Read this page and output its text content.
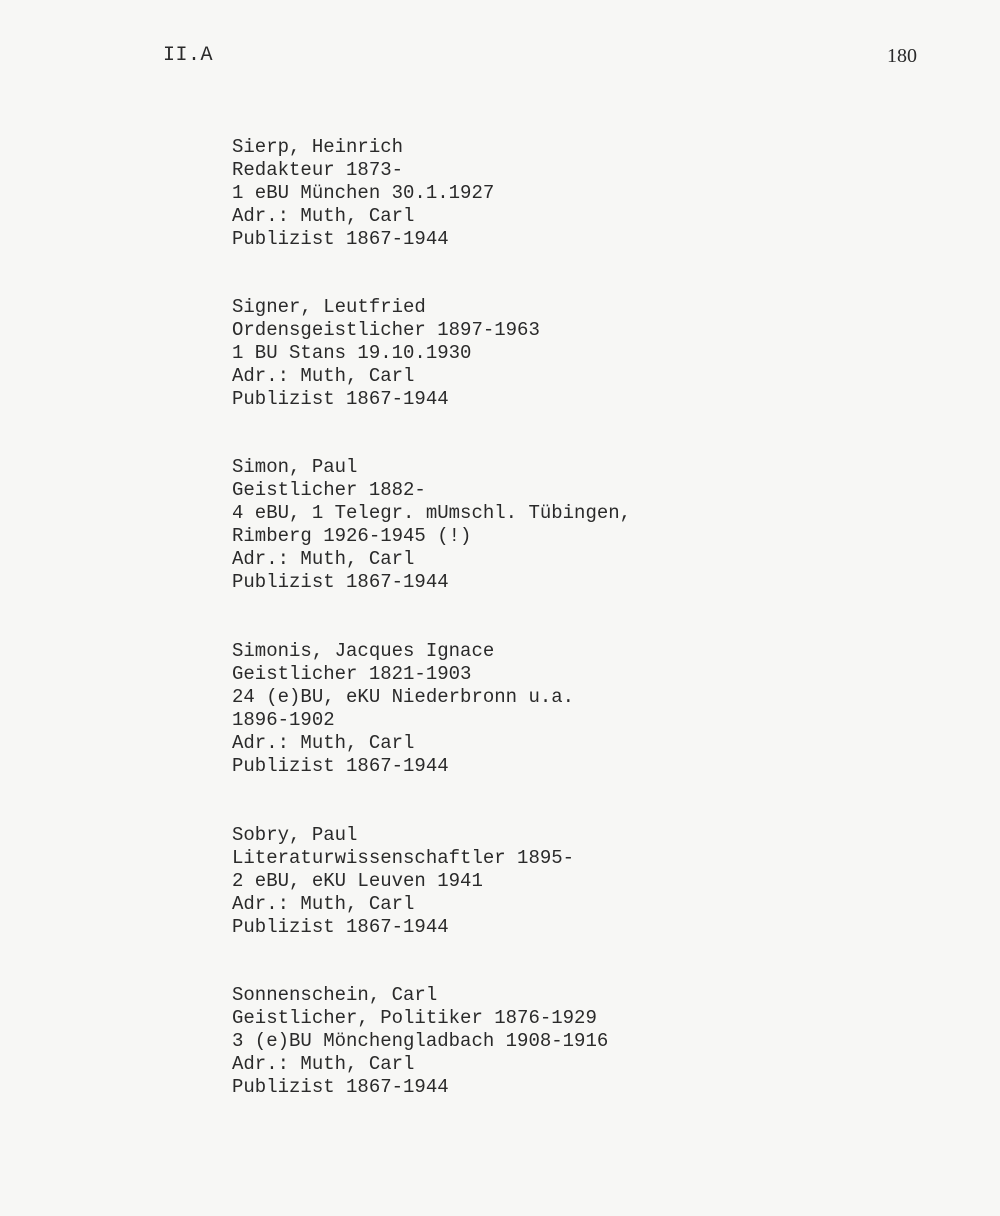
II.A	180
Sierp, Heinrich
Redakteur 1873-
1 eBU München 30.1.1927
Adr.: Muth, Carl
Publizist 1867-1944
Signer, Leutfried
Ordensgeistlicher 1897-1963
1 BU Stans 19.10.1930
Adr.: Muth, Carl
Publizist 1867-1944
Simon, Paul
Geistlicher 1882-
4 eBU, 1 Telegr. mUmschl. Tübingen,
Rimberg 1926-1945 (!)
Adr.: Muth, Carl
Publizist 1867-1944
Simonis, Jacques Ignace
Geistlicher 1821-1903
24 (e)BU, eKU Niederbronn u.a.
1896-1902
Adr.: Muth, Carl
Publizist 1867-1944
Sobry, Paul
Literaturwissenschaftler 1895-
2 eBU, eKU Leuven 1941
Adr.: Muth, Carl
Publizist 1867-1944
Sonnenschein, Carl
Geistlicher, Politiker 1876-1929
3 (e)BU Mönchengladbach 1908-1916
Adr.: Muth, Carl
Publizist 1867-1944
